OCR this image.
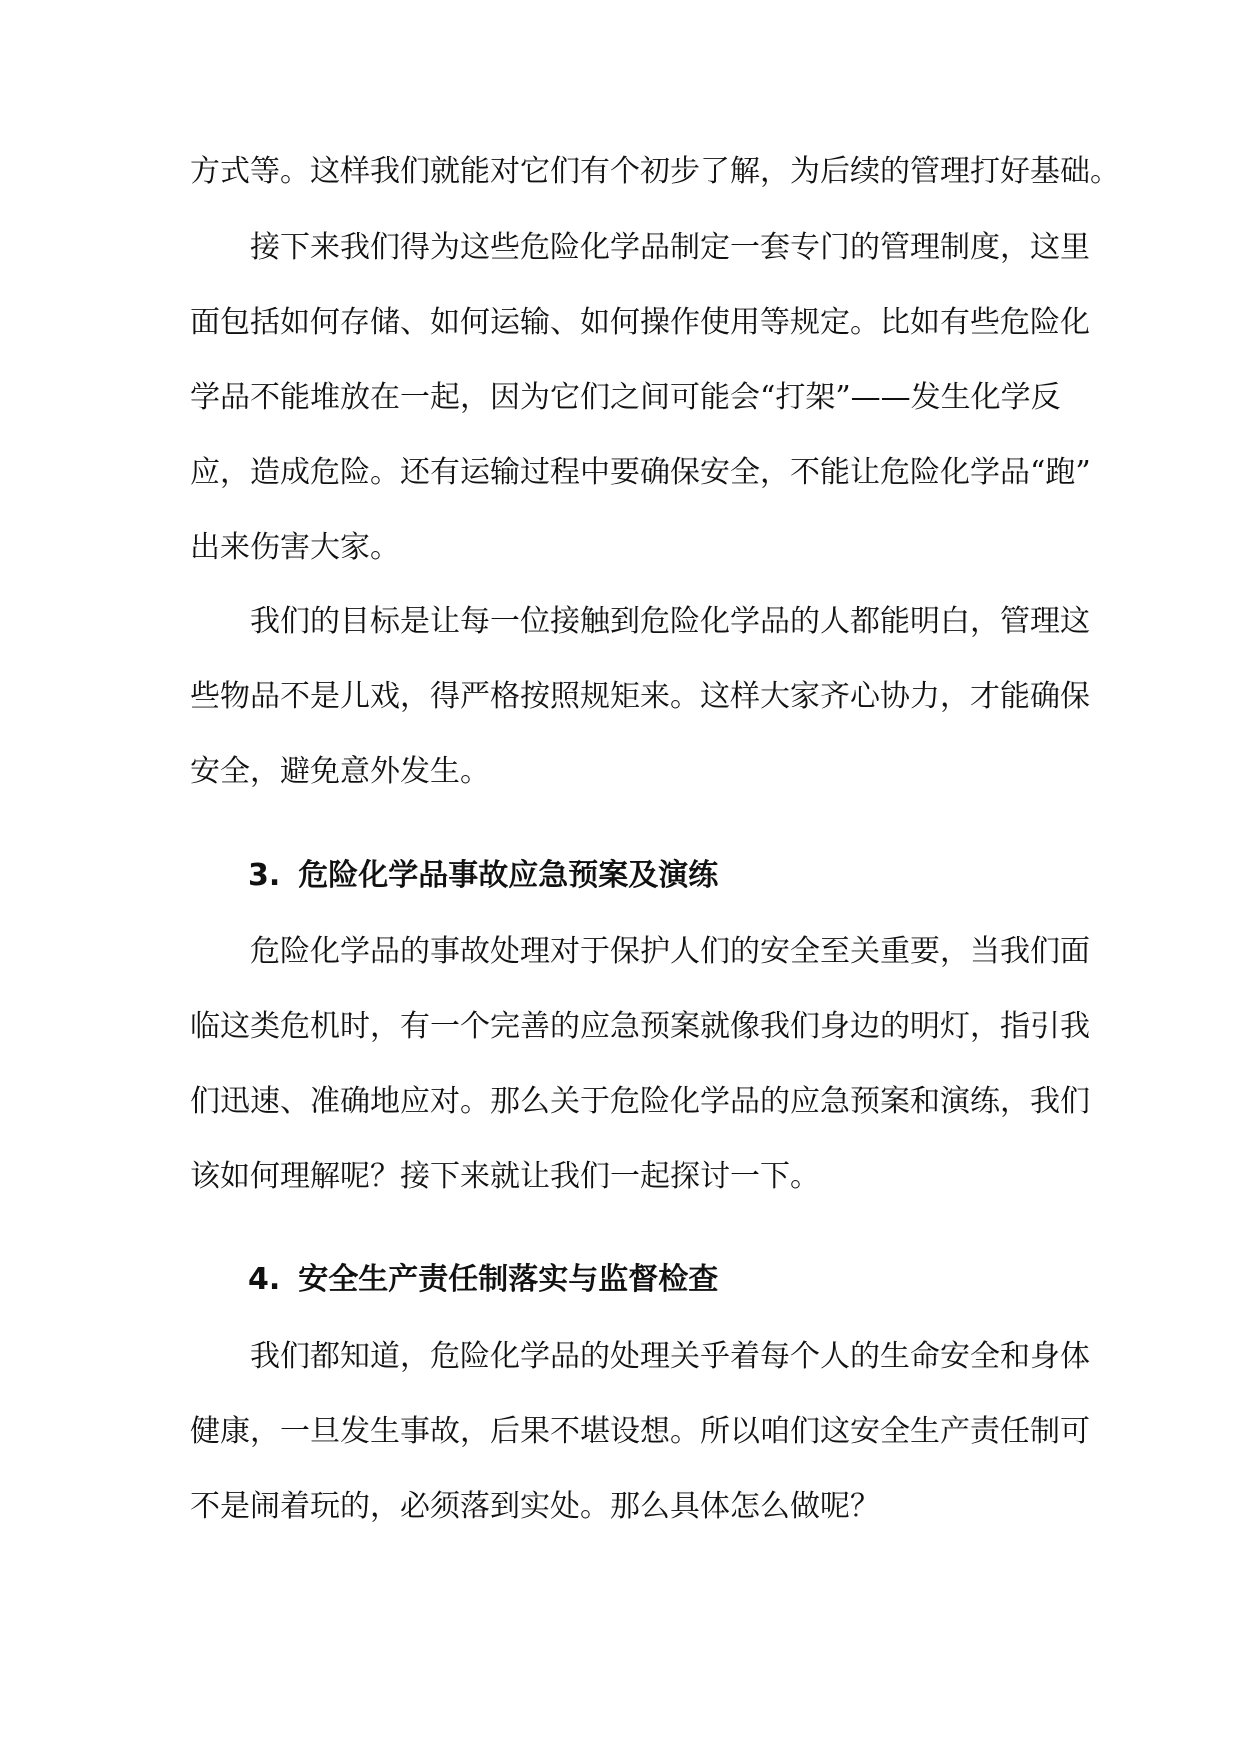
方式等。这样我们就能对它们有个初步了解，为后续的管理打好基础。
接下来我们得为这些危险化学品制定一套专门的管理制度，这里
面包括如何存储、如何运输、如何操作使用等规定。比如有些危险化
学品不能堆放在一起，因为它们之间可能会“打架”——发生化学反
应，造成危险。还有运输过程中要确保安全，不能让危险化学品“跑”
出来伤害大家。
我们的目标是让每一位接触到危险化学品的人都能明白，管理这
些物品不是儿戏，得严格按照规矩来。这样大家齐心协力，才能确保
安全，避免意外发生。
3. 危险化学品事故应急预案及演练
危险化学品的事故处理对于保护人们的安全至关重要，当我们面
临这类危机时，有一个完善的应急预案就像我们身边的明灯，指引我
们迅速、准确地应对。那么关于危险化学品的应急预案和演练，我们
该如何理解呢？接下来就让我们一起探讨一下。
4. 安全生产责任制落实与监督检查
我们都知道，危险化学品的处理关乎着每个人的生命安全和身体
健康，一旦发生事故，后果不堪设想。所以咱们这安全生产责任制可
不是闹着玩的，必须落到实处。那么具体怎么做呢？
